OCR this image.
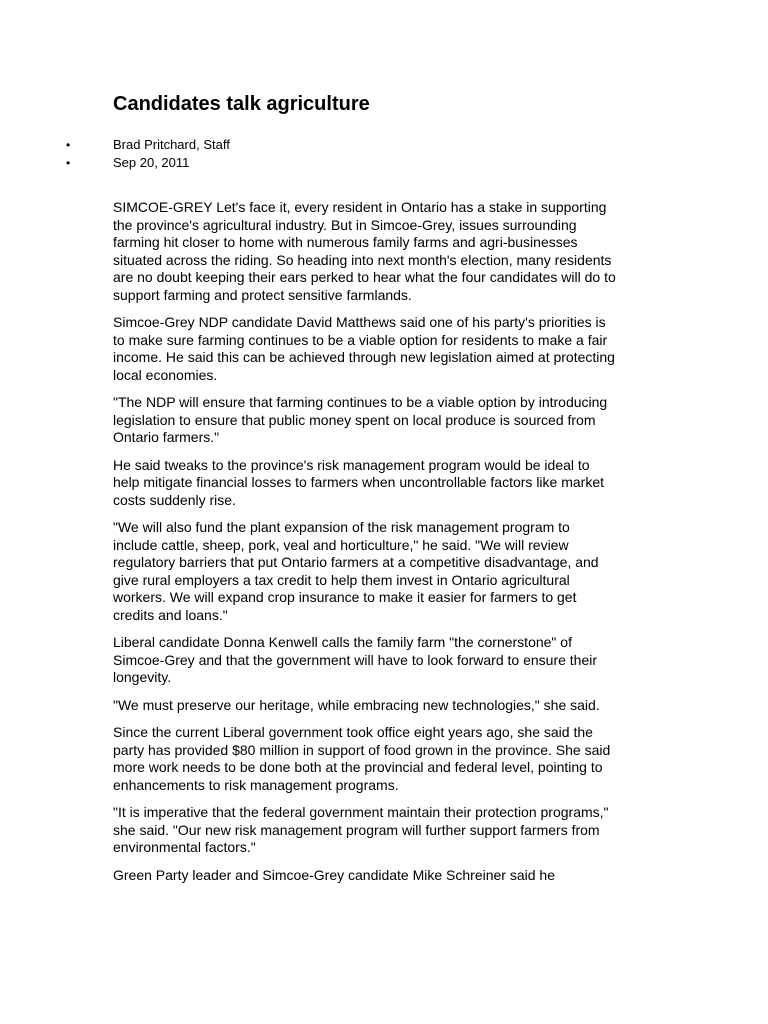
Candidates talk agriculture
•	Brad Pritchard, Staff
•	Sep 20, 2011

SIMCOE-GREY Let's face it, every resident in Ontario has a stake in supporting
the province's agricultural industry. But in Simcoe-Grey, issues surrounding
farming hit closer to home with numerous family farms and agri-businesses
situated across the riding. So heading into next month's election, many residents
are no doubt keeping their ears perked to hear what the four candidates will do to
support farming and protect sensitive farmlands.

Simcoe-Grey NDP candidate David Matthews said one of his party's priorities is
to make sure farming continues to be a viable option for residents to make a fair
income. He said this can be achieved through new legislation aimed at protecting
local economies.

"The NDP will ensure that farming continues to be a viable option by introducing
legislation to ensure that public money spent on local produce is sourced from
Ontario farmers."

He said tweaks to the province's risk management program would be ideal to
help mitigate financial losses to farmers when uncontrollable factors like market
costs suddenly rise.

"We will also fund the plant expansion of the risk management program to
include cattle, sheep, pork, veal and horticulture," he said. "We will review
regulatory barriers that put Ontario farmers at a competitive disadvantage, and
give rural employers a tax credit to help them invest in Ontario agricultural
workers. We will expand crop insurance to make it easier for farmers to get
credits and loans."

Liberal candidate Donna Kenwell calls the family farm "the cornerstone" of
Simcoe-Grey and that the government will have to look forward to ensure their
longevity.

"We must preserve our heritage, while embracing new technologies," she said.

Since the current Liberal government took office eight years ago, she said the
party has provided $80 million in support of food grown in the province. She said
more work needs to be done both at the provincial and federal level, pointing to
enhancements to risk management programs.

"It is imperative that the federal government maintain their protection programs,"
she said. "Our new risk management program will further support farmers from
environmental factors."

Green Party leader and Simcoe-Grey candidate Mike Schreiner said he
